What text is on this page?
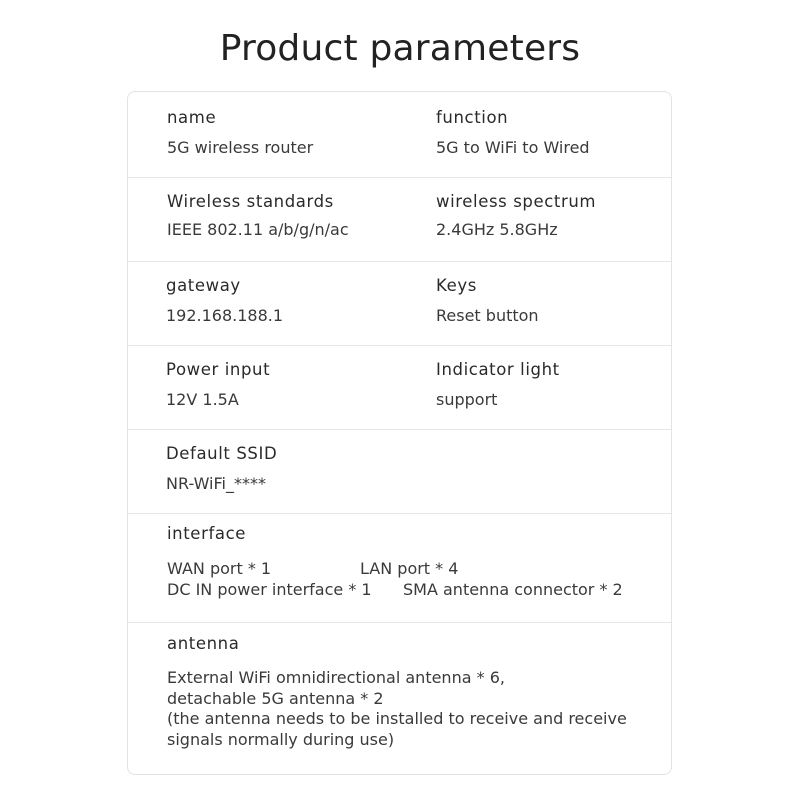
Product parameters
name
5G wireless router
function
5G to WiFi to Wired
Wireless standards
IEEE 802.11 a/b/g/n/ac
wireless spectrum
2.4GHz 5.8GHz
gateway
192.168.188.1
Keys
Reset button
Power input
12V 1.5A
Indicator light
support
Default SSID
NR-WiFi_****
interface
WAN port * 1	LAN port * 4
DC IN power interface * 1 SMA antenna connector * 2
antenna
External WiFi omnidirectional antenna * 6,
detachable 5G antenna * 2
(the antenna needs to be installed to receive and receive
signals normally during use)
